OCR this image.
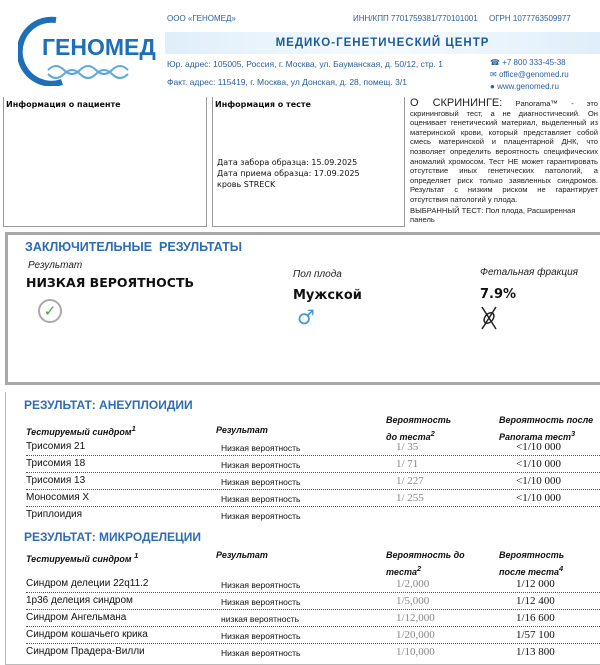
ГЕНОМЕД
ООО «ГЕНОМЕД»	ИНН/КПП 7701759381/770101001 ОГРН 1077763509977
МЕДИКО-ГЕНЕТИЧЕСКИЙ ЦЕНТР
Юр. адрес: 105005, Россия, г. Москва, ул. Бауманская, д. 50/12, стр. 1
Факт. адрес: 115419, г. Москва, ул Донская, д. 28, помещ. 3/1
☎ +7 800 333-45-38
✉ office@genomed.ru
● www.genomed.ru
Информация о пациенте	Информация о тесте
Дата забора образца: 15.09.2025
Дата приема образца: 17.09.2025
кровь STRECK
О СКРИНИНГЕ: Panorama™ - это скрининговый тест, а не диагностический. Он оценивает генетический материал, выделенный из материнской крови, который представляет собой смесь материнской и плацентарной ДНК, что позволяет определить вероятность специфических аномалий хромосом. Тест НЕ может гарантировать отсутствие иных генетических патологий, а определяет риск только заявленных синдромов. Результат с низким риском не гарантирует отсутствия патологий у плода.
ВЫБРАННЫЙ ТЕСТ: Пол плода, Расширенная панель
ЗАКЛЮЧИТЕЛЬНЫЕ  РЕЗУЛЬТАТЫ
Результат
НИЗКАЯ ВЕРОЯТНОСТЬ
✓
Пол плода
Мужской
♂
Фетальная фракция
7.9%
РЕЗУЛЬТАТ: АНЕУПЛОИДИИ
Тестируемый синдром$^1$	Результат
Вероятность до теста$^2$
Вероятность после Panorama тест$^3$
Трисомия 21	Низкая вероятность	1/ 35	<1/10 000
Трисомия 18	Низкая вероятность	1/ 71	<1/10 000
Трисомия 13	Низкая вероятность	1/ 227	<1/10 000
Моносомия X	Низкая вероятность	1/ 255	<1/10 000
Триплоидия	Низкая вероятность
РЕЗУЛЬТАТ: МИКРОДЕЛЕЦИИ
Тестируемый синдром $^1$	Результат	Вероятность до теста$^2$
Вероятность после теста$^4$
Синдром делеции 22q11.2	Низкая вероятность	1/2,000	1/12 000
1p36 делеция синдром	Низкая вероятность	1/5,000	1/12 400
Синдром Ангельмана	низкая вероятность	1/12,000	1/16 600
Синдром кошачьего крика	Низкая вероятность	1/20,000	1/57 100
Синдром Прадера-Вилли	Низкая вероятность	1/10,000	1/13 800
